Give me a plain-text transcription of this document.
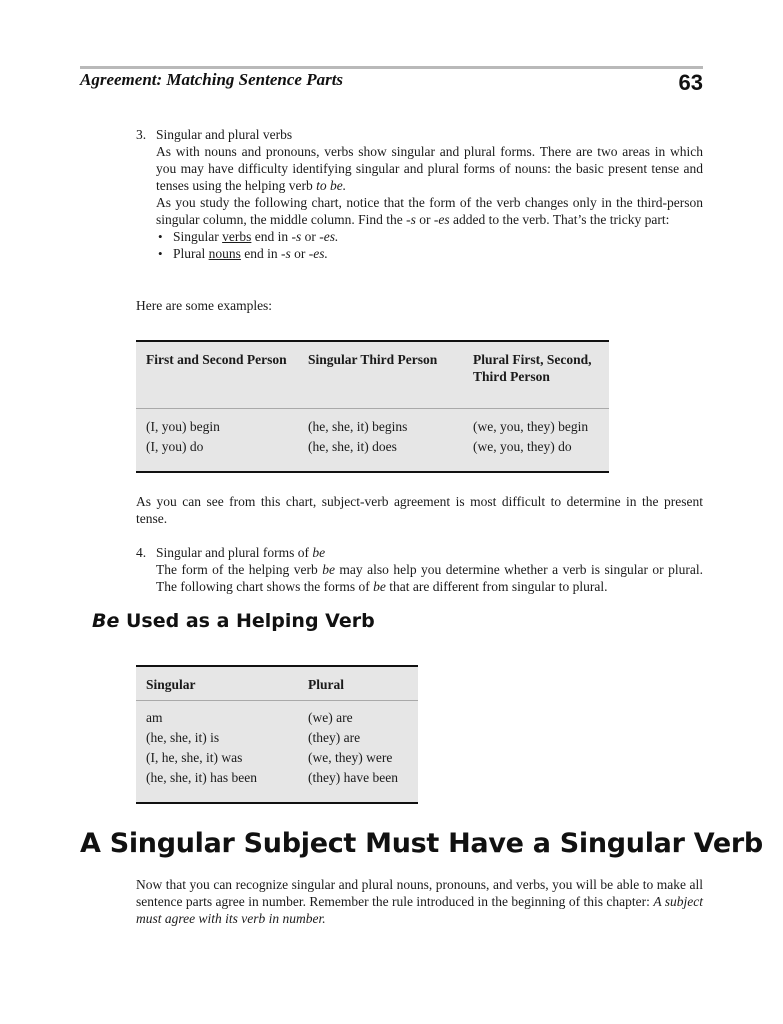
Agreement: Matching Sentence Parts	63
3. Singular and plural verbs
As with nouns and pronouns, verbs show singular and plural forms. There are two areas in which you may have difficulty identifying singular and plural forms of nouns: the basic present tense and tenses using the helping verb to be.
As you study the following chart, notice that the form of the verb changes only in the third-person singular column, the middle column. Find the -s or -es added to the verb. That’s the tricky part:
• Singular verbs end in -s or -es.
• Plural nouns end in -s or -es.
Here are some examples:
First and Second Person	Singular Third Person	Plural First, Second, Third Person
(I, you) begin	(he, she, it) begins	(we, you, they) begin
(I, you) do	(he, she, it) does	(we, you, they) do
As you can see from this chart, subject-verb agreement is most difficult to determine in the present tense.
4. Singular and plural forms of be
The form of the helping verb be may also help you determine whether a verb is singular or plural. The following chart shows the forms of be that are different from singular to plural.
Be Used as a Helping Verb
Singular	Plural
am	(we) are
(he, she, it) is	(they) are
(I, he, she, it) was	(we, they) were
(he, she, it) has been	(they) have been
A Singular Subject Must Have a Singular Verb
Now that you can recognize singular and plural nouns, pronouns, and verbs, you will be able to make all sentence parts agree in number. Remember the rule introduced in the beginning of this chapter: A subject must agree with its verb in number.
